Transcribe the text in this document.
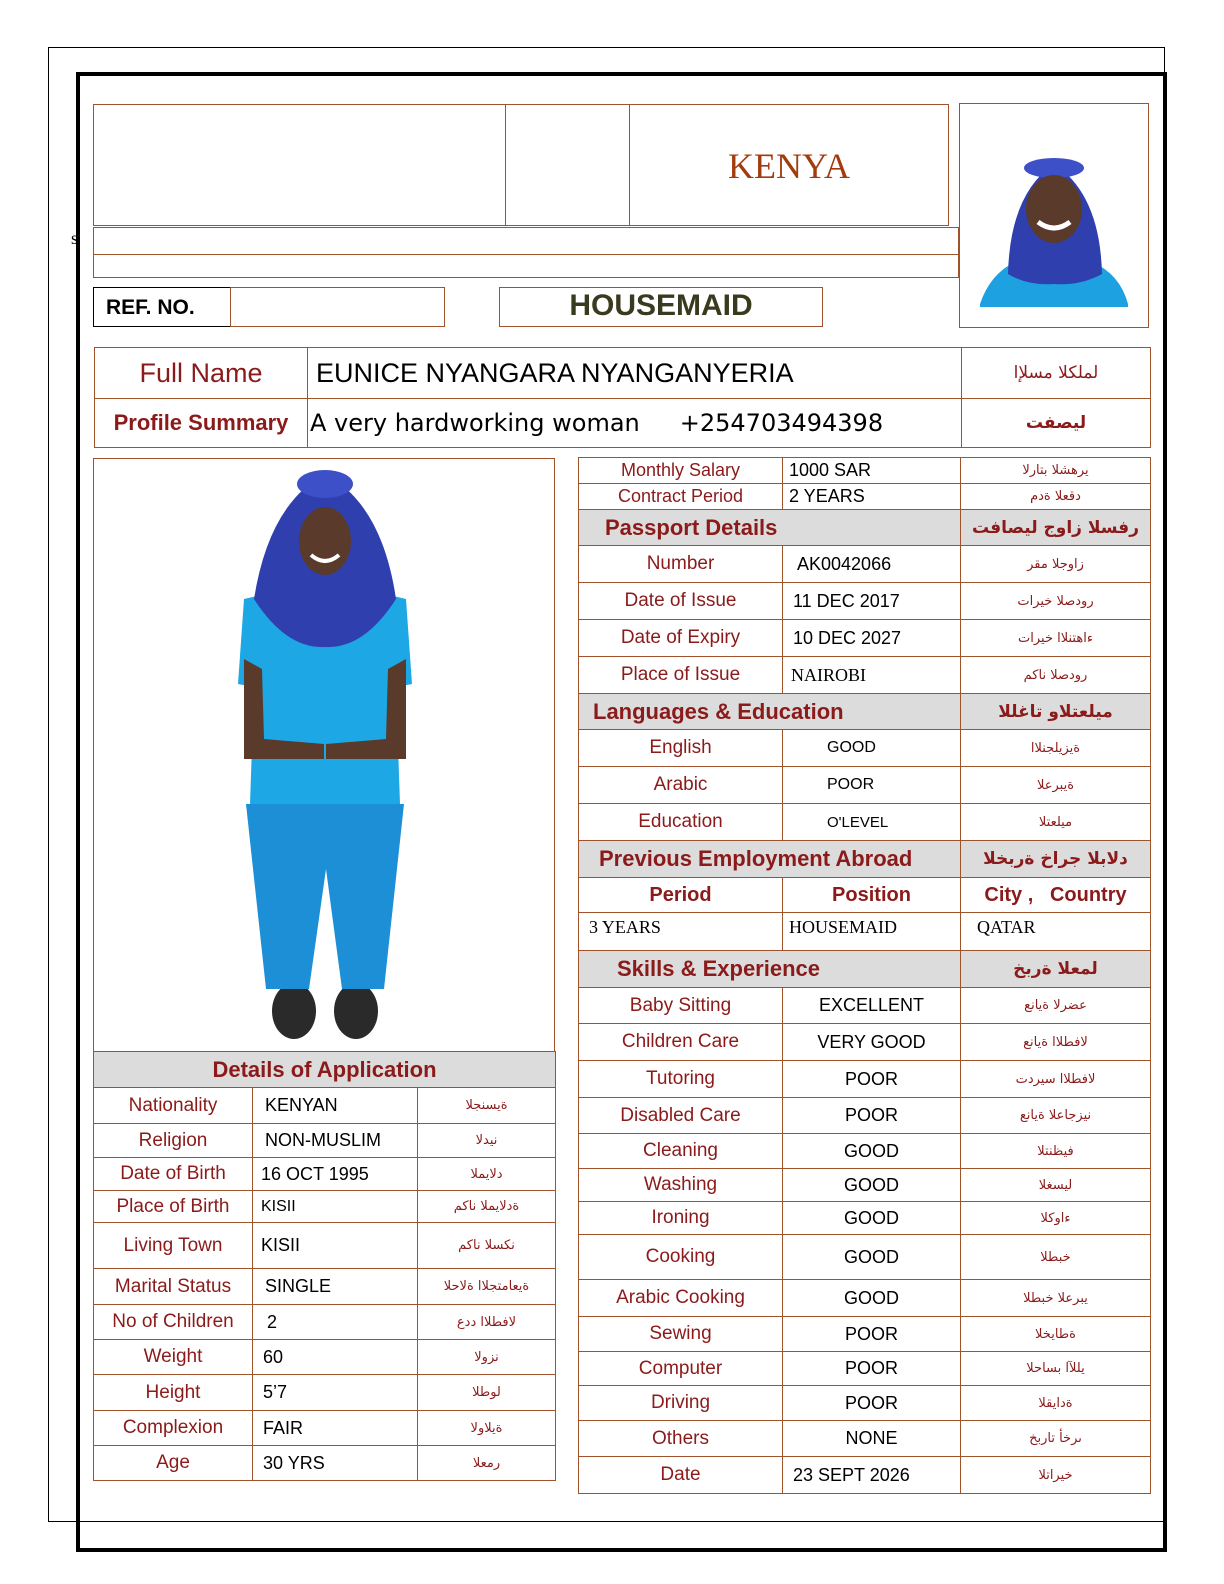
KENYA
s
REF. NO.	HOUSEMAID
Full Name	EUNICE NYANGARA NYANGANYERIA	لملكلا مسلإا
Profile Summary	A very hardworking woman +254703494398	ليصفت
Details of Application		
Nationality	KENYAN	ةيسنجلا
Religion	NON-MUSLIM	نيدلا
Date of Birth	16 OCT 1995	دلايملا
Place of Birth	KISII	ةدلايملا ناكم
Living Town	KISII	نكسلا ناكم
Marital Status	SINGLE	ةيعامتجلاا ةلاحلا
No of Children	2	لافطلاا ددع
Weight	60	نزولا
Height	5’7	لوطلا
Complexion	FAIR	ةيلاولا
Age	30 YRS	رمعلا
Monthly Salary	1000 SAR	يرهشلا بتارلا
Contract Period	2 YEARS	دقعلا ةدم
Passport Details		رفسلا زاوج ليصافت
Number	AK0042066	زاوجلا مقر
Date of Issue	11 DEC 2017	رودصلا خيرات
Date of Expiry	10 DEC 2027	ءاهتنلاا خيرات
Place of Issue	NAIROBI	رودصلا ناكم
Languages & Education		ميلعتلاو تاغللا
English	GOOD	ةيزيلجنلاا
Arabic	POOR	ةيبرعلا
Education	O'LEVEL	ميلعتلا
Previous Employment Abroad		دلابلا جراخ ةربخلا
Period	Position	City ,   Country
3 YEARS	HOUSEMAID	QATAR
Skills & Experience		لمعلا ةربخ
Baby Sitting	EXCELLENT	عضرلا ةيانع
Children Care	VERY GOOD	لافطلاا ةيانع
Tutoring	POOR	لافطلاا سيردت
Disabled Care	POOR	نيزجاعلا ةيانع
Cleaning	GOOD	فيظنتلا
Washing	GOOD	ليسغلا
Ironing	GOOD	ءاوكلا
Cooking	GOOD	خبطلا
Arabic Cooking	GOOD	يبرعلا خبطلا
Sewing	POOR	ةطايخلا
Computer	POOR	يللآا بساحلا
Driving	POOR	ةدايقلا
Others	NONE	ىرخأ تاربخ
Date	23 SEPT 2026	خيراتلا
